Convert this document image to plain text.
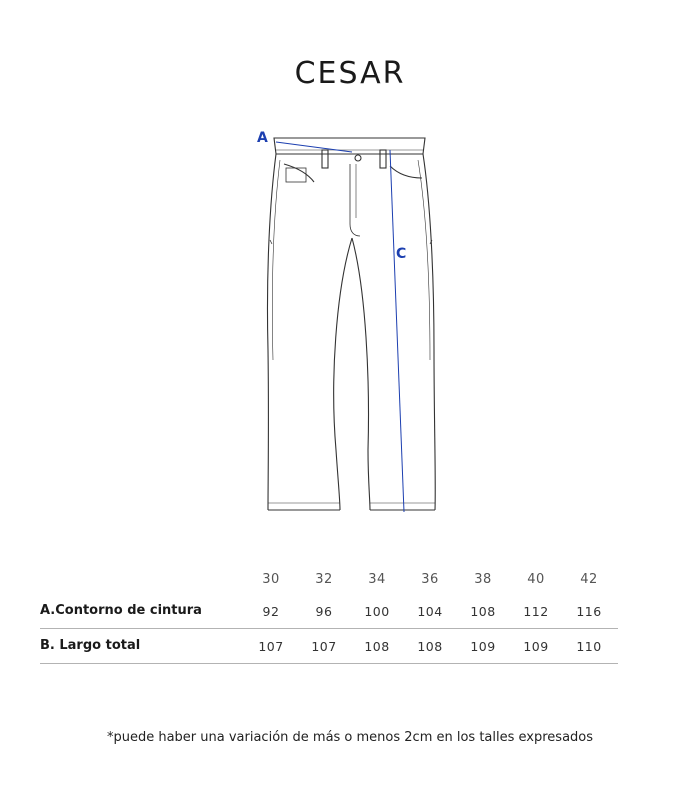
CESAR
A
C
30	32	34	36	38	40	42
A.Contorno de cintura	92	96	100	104	108	112	116
B. Largo total	107	107	108	108	109	109	110
*puede haber una variación de más o menos 2cm en los talles expresados
